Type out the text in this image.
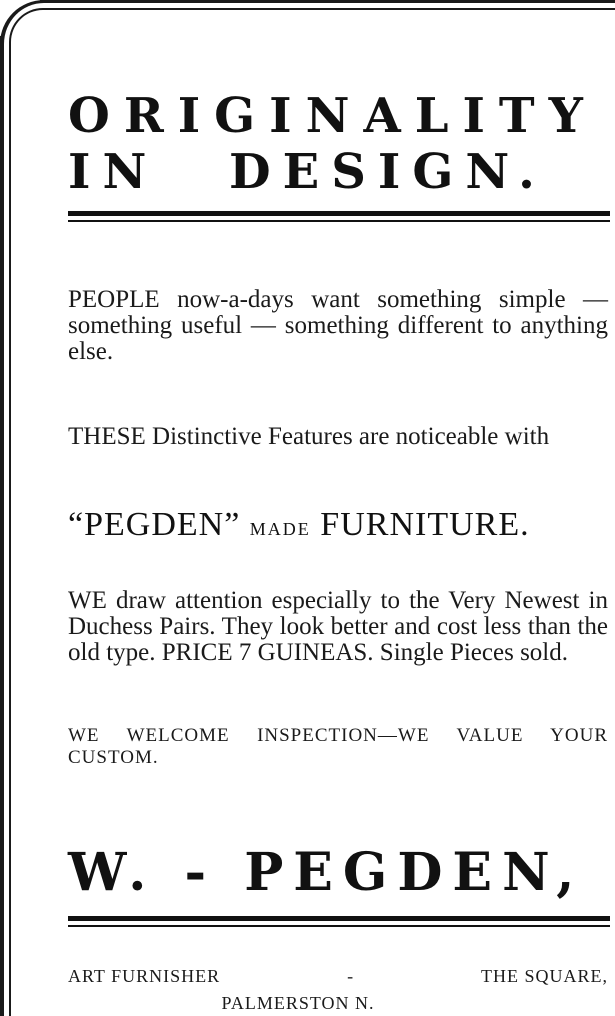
ORIGINALITY
IN DESIGN.

PEOPLE now-a-days want something simple — something useful — something different to anything else.

THESE Distinctive Features are noticeable with

“PEGDEN” MADE FURNITURE.

WE draw attention especially to the Very Newest in Duchess Pairs. They look better and cost less than the old type. PRICE 7 GUINEAS. Single Pieces sold.

WE WELCOME INSPECTION—WE VALUE YOUR CUSTOM.

W. - PEGDEN,
ART FURNISHER	-	THE SQUARE,
PALMERSTON N.
